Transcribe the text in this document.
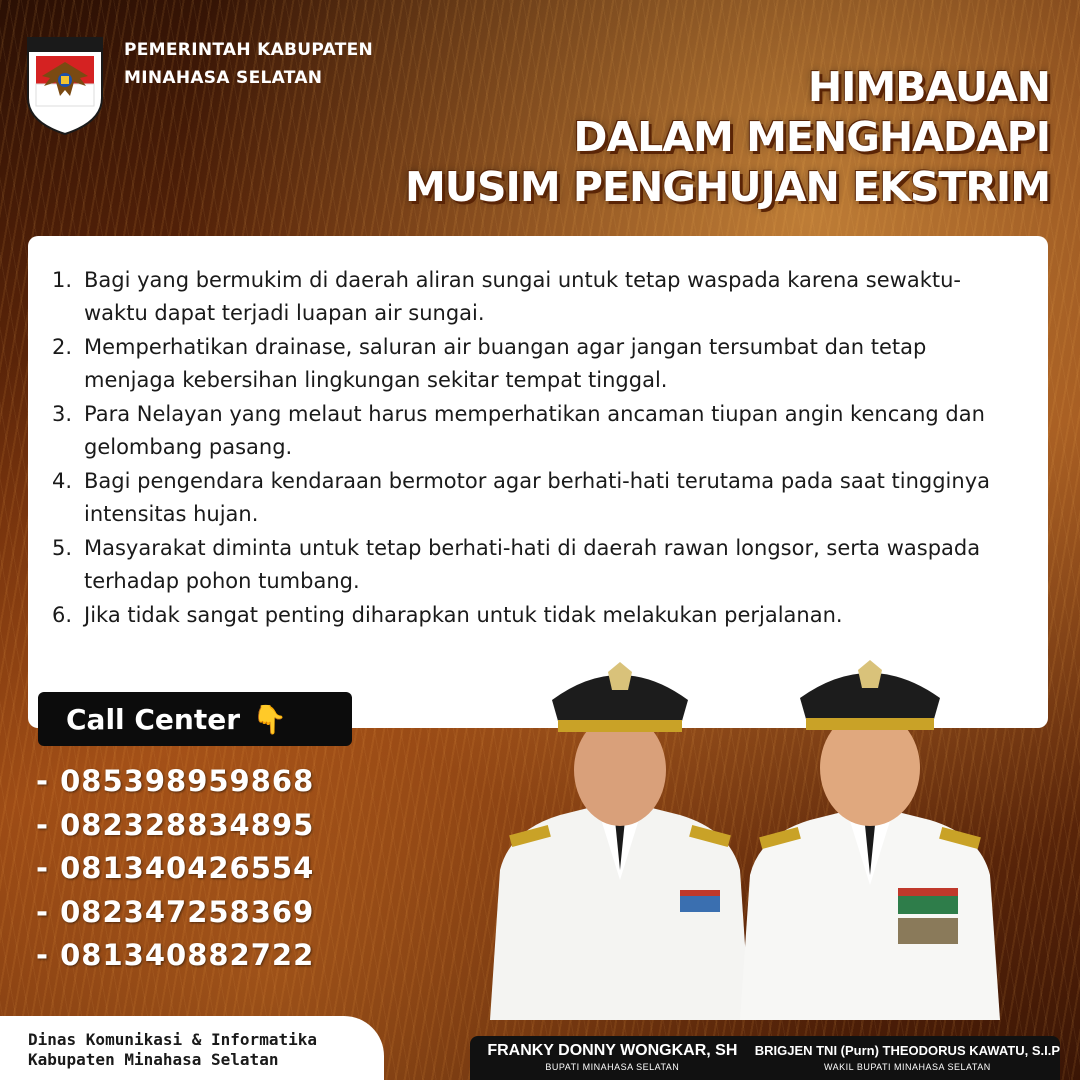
PEMERINTAH KABUPATEN
MINAHASA SELATAN	HIMBAUAN
DALAM MENGHADAPI
MUSIM PENGHUJAN EKSTRIM
1. Bagi yang bermukim di daerah aliran sungai untuk tetap waspada karena sewaktu-waktu dapat terjadi luapan air sungai.
2. Memperhatikan drainase, saluran air buangan agar jangan tersumbat dan tetap menjaga kebersihan lingkungan sekitar tempat tinggal.
3. Para Nelayan yang melaut harus memperhatikan ancaman tiupan angin kencang dan gelombang pasang.
4. Bagi pengendara kendaraan bermotor agar berhati-hati terutama pada saat tingginya intensitas hujan.
5. Masyarakat diminta untuk tetap berhati-hati di daerah rawan longsor, serta waspada terhadap pohon tumbang.
6. Jika tidak sangat penting diharapkan untuk tidak melakukan perjalanan.
Call Center 👇
- 085398959868
- 082328834895
- 081340426554
- 082347258369
- 081340882722
Dinas Komunikasi & Informatika
Kabupaten Minahasa Selatan	FRANKY DONNY WONGKAR, SH
BUPATI MINAHASA SELATAN
BRIGJEN TNI (Purn) THEODORUS KAWATU, S.I.P
WAKIL BUPATI MINAHASA SELATAN
